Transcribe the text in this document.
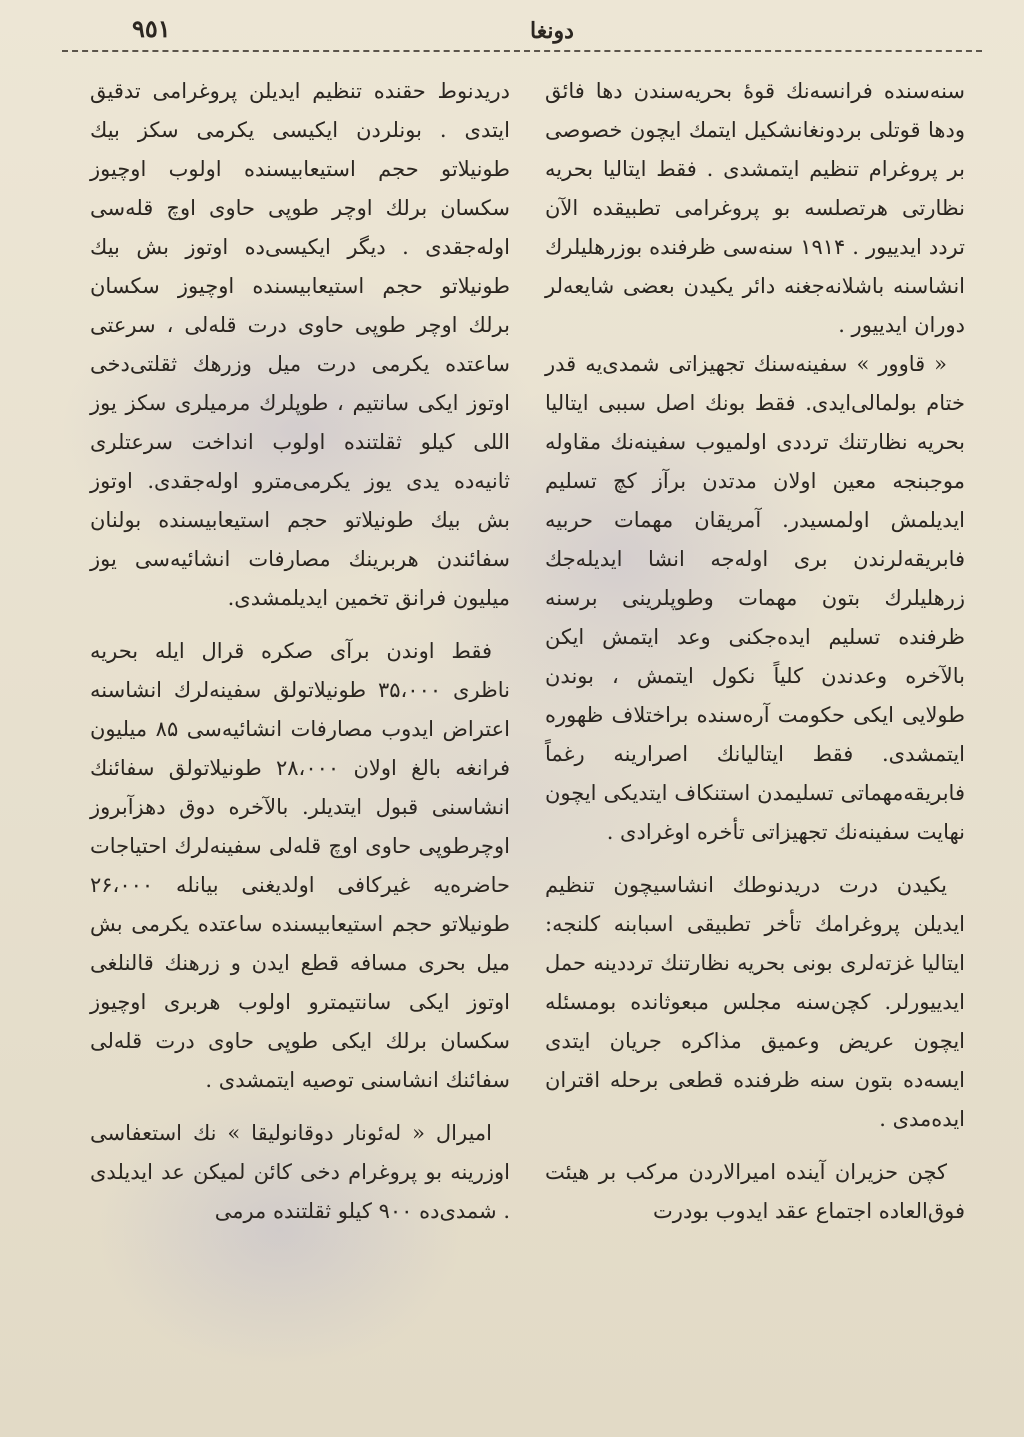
٩٥١	دونغا

سنه‌سنده فرانسه‌نك قوهٔ بحریه‌سندن دها فائق ودها قوتلی بردونغانشكیل ایتمك ایچون خصوصی بر پروغرام تنظیم ایتمشدی . فقط ایتالیا بحریه نظارتی هرتصلسه بو پروغرامی تطبیقده الآن تردد ایدییور . ۱۹۱۴ سنه‌سی ظرفنده بوزرهلیلرك انشاسنه باشلانه‌جغنه دائر یكیدن بعضی شایعه‌لر دوران ایدییور .

« قاوور » سفینه‌سنك تجهیزاتی شمدی‌یه قدر ختام بولمالی‌ایدی. فقط بونك اصل سببی ایتالیا بحریه نظارتنك ترددی اولمیوب سفینه‌نك مقاوله موجبنجه معین اولان مدتدن برآز كچ تسلیم ایدیلمش اولمسیدر. آمریقان مهمات حربیه فابریقه‌لرندن بری اوله‌جه انشا ایدیله‌جك زرهلیلرك بتون مهمات وطوپلرینی برسنه ظرفنده تسلیم ایده‌جكنی وعد ایتمش ایكن بالآخره وعدندن كلیاً نكول ایتمش ، بوندن طولایی ایكی حكومت آره‌سنده براختلاف ظهوره‌ ایتمشدی. فقط ایتالیانك اصرارینه رغماً فابریقه‌مهماتی تسلیمدن استنكاف ایتدیكی ایچون نهایت سفینه‌نك تجهیزاتی تأخره اوغرادی .

یكیدن درت دریدنوطك انشاسیچون تنظیم ایدیلن پروغرامك تأخر تطبیقی اسبابنه‌ كلنجه: ایتالیا غزته‌لری بونی بحریه نظارتنك ترددینه حمل ایدییورلر. كچن‌سنه مجلس مبعوثانده بومسئله ایچون عریض وعمیق مذاكره جریان ایتدی ایسه‌ده بتون سنه ظرفنده قطعی برحله اقتران ایده‌مدی .

كچن حزیران آینده امیرالاردن مركب بر هیئت فوق‌العاده اجتماع عقد ایدوب بودرت

دریدنوط حقنده تنظیم ایدیلن پروغرامی تدقیق ایتدی . بونلردن ایكیسی یكرمی سكز بیك طونیلاتو حجم استیعابیسنده اولوب اوچیوز سكسان برلك اوچر طوپی حاوی اوچ قله‌سی اوله‌جقدی . دیگر ایكیسی‌ده اوتوز بش بیك طونیلاتو حجم استیعابیسنده اوچیوز سكسان برلك اوچر طوپی حاوی درت قله‌لی ، سرعتی ساعتده یكرمی درت میل وزرهك ثقلتی‌دخی اوتوز ایكی سانتیم ، طوپلرك مرمیلری سكز یوز اللی كیلو ثقلتنده اولوب انداخت سرعتلری ثانیه‌ده یدی یوز یكرمی‌مترو اوله‌جقدی. اوتوز بش بیك طونیلاتو حجم استیعابیسنده بولنان سفائندن هربرینك مصارفات انشائیه‌سی یوز میلیون فرانق تخمین ایدیلمشدی.

فقط اوندن برآی صكره قرال ایله بحریه ناظری ۳۵،۰۰۰ طونیلاتولق سفینه‌لرك انشاسنه اعتراض ایدوب مصارفات انشائیه‌سی ۸۵ میلیون فرانغه بالغ اولان ۲۸،۰۰۰ طونیلاتولق سفائنك انشاسنی قبول ایتدیلر. بالآخره دوق دهزآبروز اوچرطوپی حاوی اوچ قله‌لی سفینه‌لرك احتیاجات حاضره‌یه غیركافی اولدیغنی بیانله ۲۶،۰۰۰ طونیلاتو حجم استیعابیسنده ساعتده یكرمی بش میل بحری مسافه قطع ایدن و زرهنك قالنلغی اوتوز ایكی سانتیمترو اولوب هربری اوچیوز سكسان برلك ایكی طوپی حاوی درت قله‌لی سفائنك انشاسنی توصیه ایتمشدی .

امیرال « له‌ئونار دوقانولیقا » نك استعفاسی اوزرینه بو پروغرام دخی كائن لمیكن عد ایدیلدی . شمدی‌ده ۹۰۰ كیلو ثقلتنده مرمی
